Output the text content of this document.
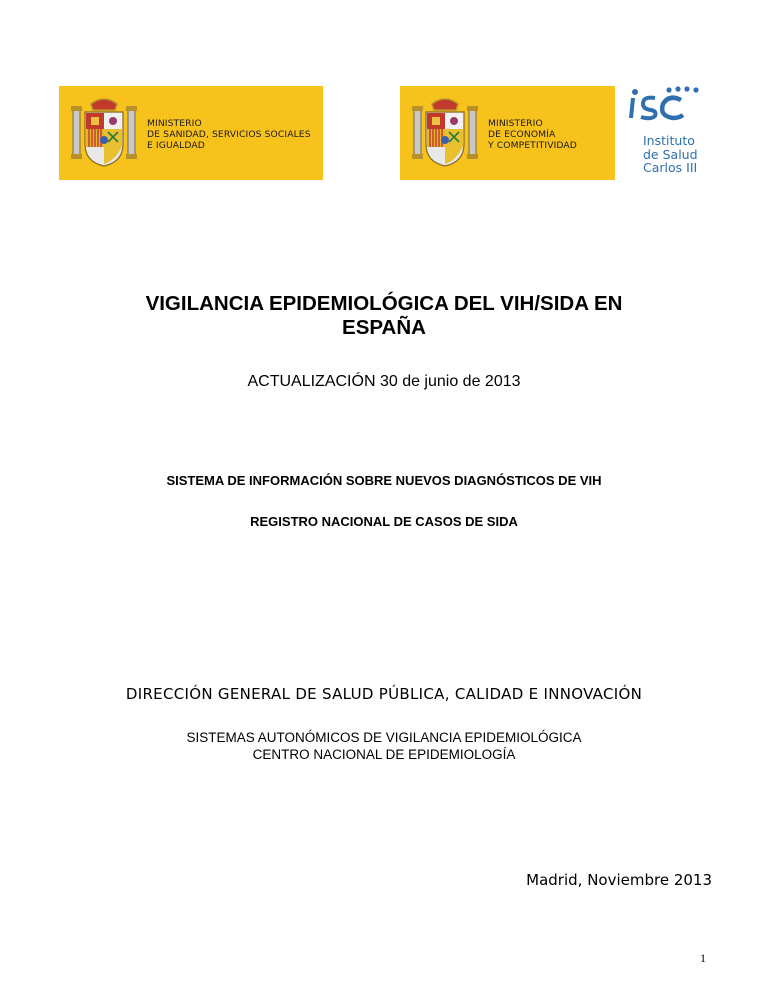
MINISTERIO
DE SANIDAD, SERVICIOS SOCIALES
E IGUALDAD
MINISTERIO
DE ECONOMÍA
Y COMPETITIVIDAD	Instituto
de Salud
Carlos III
VIGILANCIA EPIDEMIOLÓGICA DEL VIH/SIDA EN
ESPAÑA
ACTUALIZACIÓN 30 de junio de 2013
SISTEMA DE INFORMACIÓN SOBRE NUEVOS DIAGNÓSTICOS DE VIH
REGISTRO NACIONAL DE CASOS DE SIDA
DIRECCIÓN GENERAL DE SALUD PÚBLICA, CALIDAD E INNOVACIÓN
SISTEMAS AUTONÓMICOS DE VIGILANCIA EPIDEMIOLÓGICA
CENTRO NACIONAL DE EPIDEMIOLOGÍA
Madrid, Noviembre 2013
1
